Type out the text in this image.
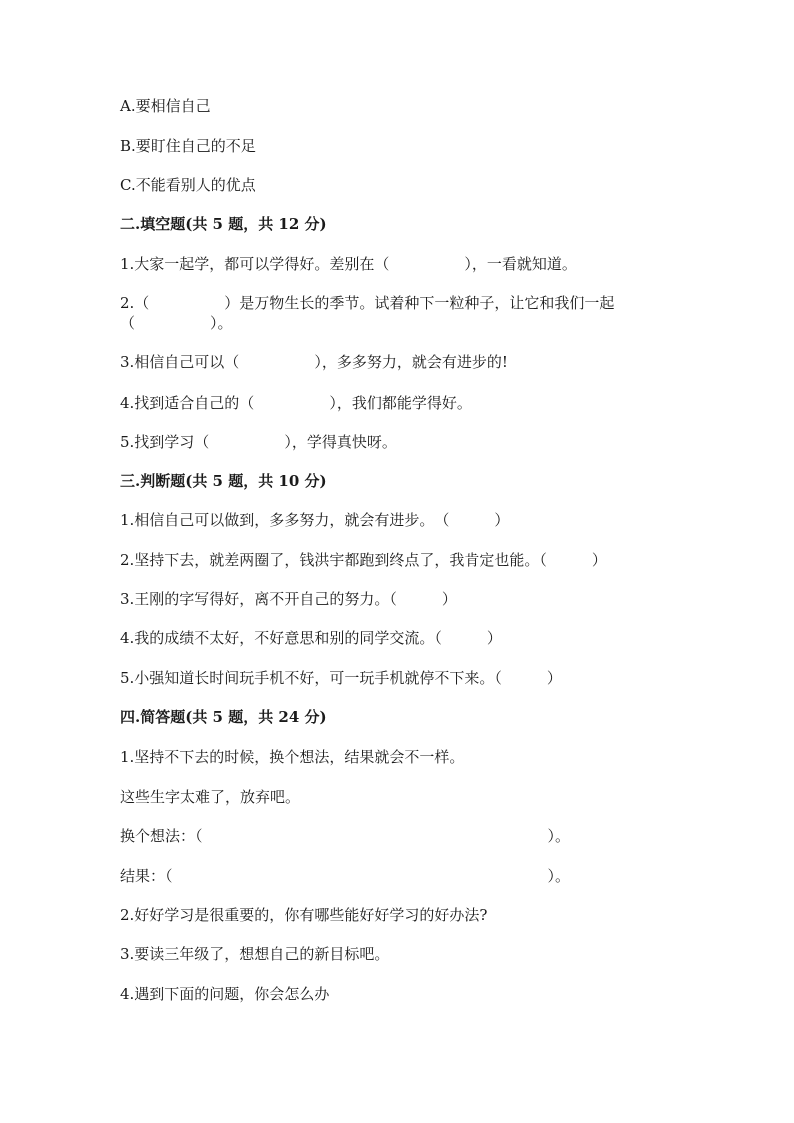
A.要相信自己
B.要盯住自己的不足
C.不能看别人的优点
二.填空题(共 5 题，共 12 分)
1.大家一起学，都可以学得好。差别在（　　　　　），一看就知道。
2.（　　　　　）是万物生长的季节。试着种下一粒种子，让它和我们一起
（　　　　　）。
3.相信自己可以（　　　　　），多多努力，就会有进步的!
4.找到适合自己的（　　　　　），我们都能学得好。
5.找到学习（　　　　　），学得真快呀。
三.判断题(共 5 题，共 10 分)
1.相信自己可以做到，多多努力，就会有进步。　（　　　）
2.坚持下去，就差两圈了，钱洪宇都跑到终点了，我肯定也能。（　　　）
3.王刚的字写得好，离不开自己的努力。（　　　）
4.我的成绩不太好，不好意思和别的同学交流。（　　　）
5.小强知道长时间玩手机不好，可一玩手机就停不下来。（　　　）
四.简答题(共 5 题，共 24 分)
1.坚持不下去的时候，换个想法，结果就会不一样。
这些生字太难了，放弃吧。
换个想法：（　　　　　　　　　　　　　　　　　　　　　　　）。
结果：（　　　　　　　　　　　　　　　　　　　　　　　　　）。
2.好好学习是很重要的，你有哪些能好好学习的好办法?
3.要读三年级了，想想自己的新目标吧。
4.遇到下面的问题，你会怎么办
